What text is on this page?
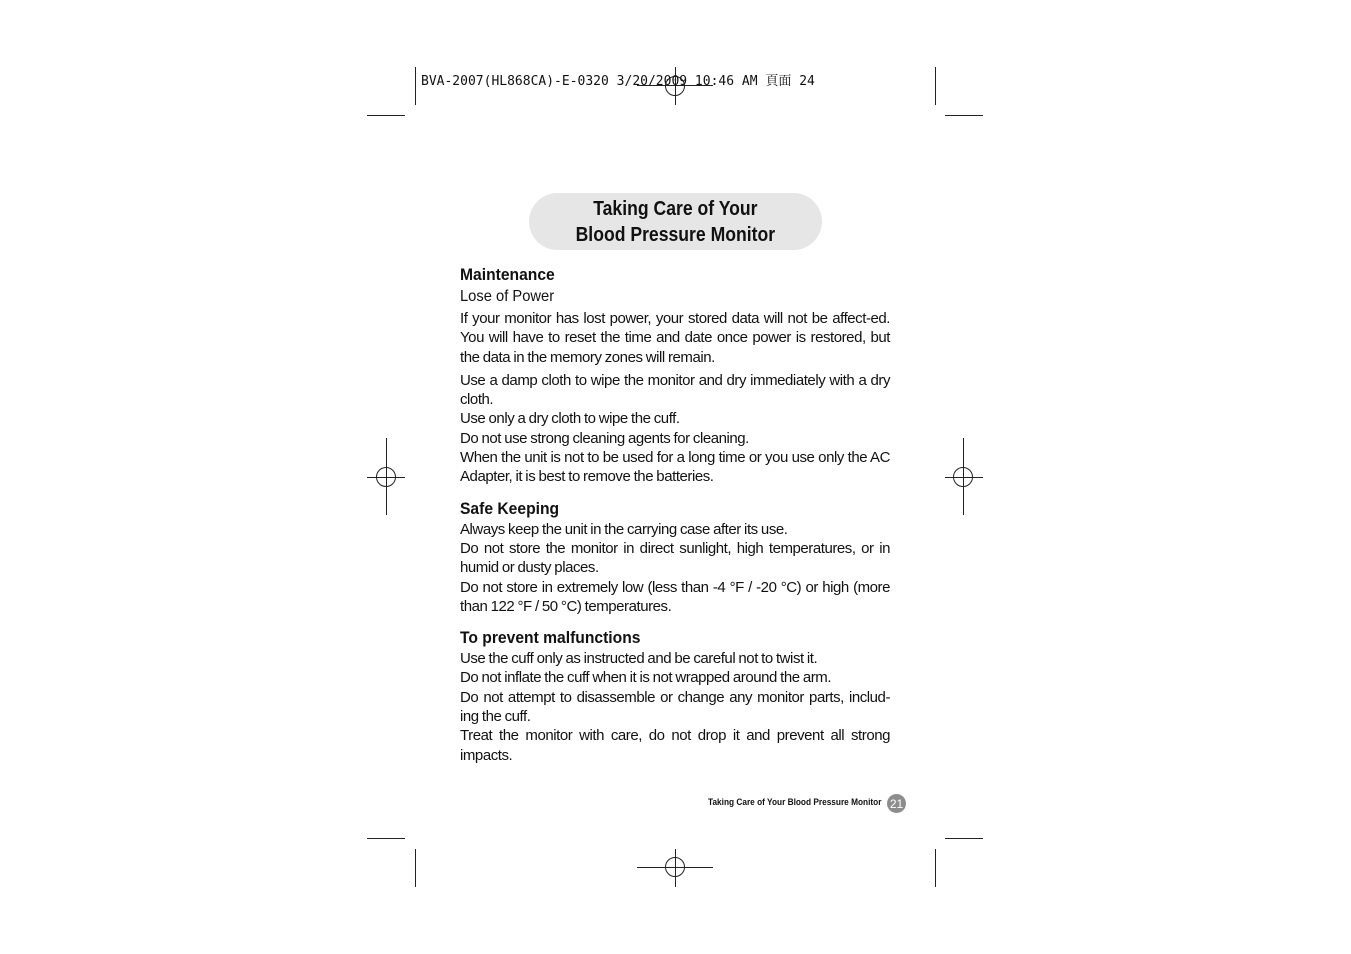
BVA-2007(HL868CA)-E-0320 3/20/2009 10:46 AM 頁面 24
Taking Care of Your
Blood Pressure Monitor
Maintenance
Lose of Power

If your monitor has lost power, your stored data will not be affect-ed. You will have to reset the time and date once power is restored, but the data in the memory zones will remain.

Use a damp cloth to wipe the monitor and dry immediately with a dry cloth.

Use only a dry cloth to wipe the cuff.

Do not use strong cleaning agents for cleaning.

When the unit is not to be used for a long time or you use only the AC Adapter, it is best to remove the batteries.

Safe Keeping

Always keep the unit in the carrying case after its use.

Do not store the monitor in direct sunlight, high temperatures, or in humid or dusty places.

Do not store in extremely low (less than -4 °F / -20 °C) or high (more than 122 °F / 50 °C) temperatures.

To prevent malfunctions

Use the cuff only as instructed and be careful not to twist it.

Do not inflate the cuff when it is not wrapped around the arm.

Do not attempt to disassemble or change any monitor parts, includ-ing the cuff.

Treat the monitor with care, do not drop it and prevent all strong impacts.

Taking Care of Your Blood Pressure Monitor 21
